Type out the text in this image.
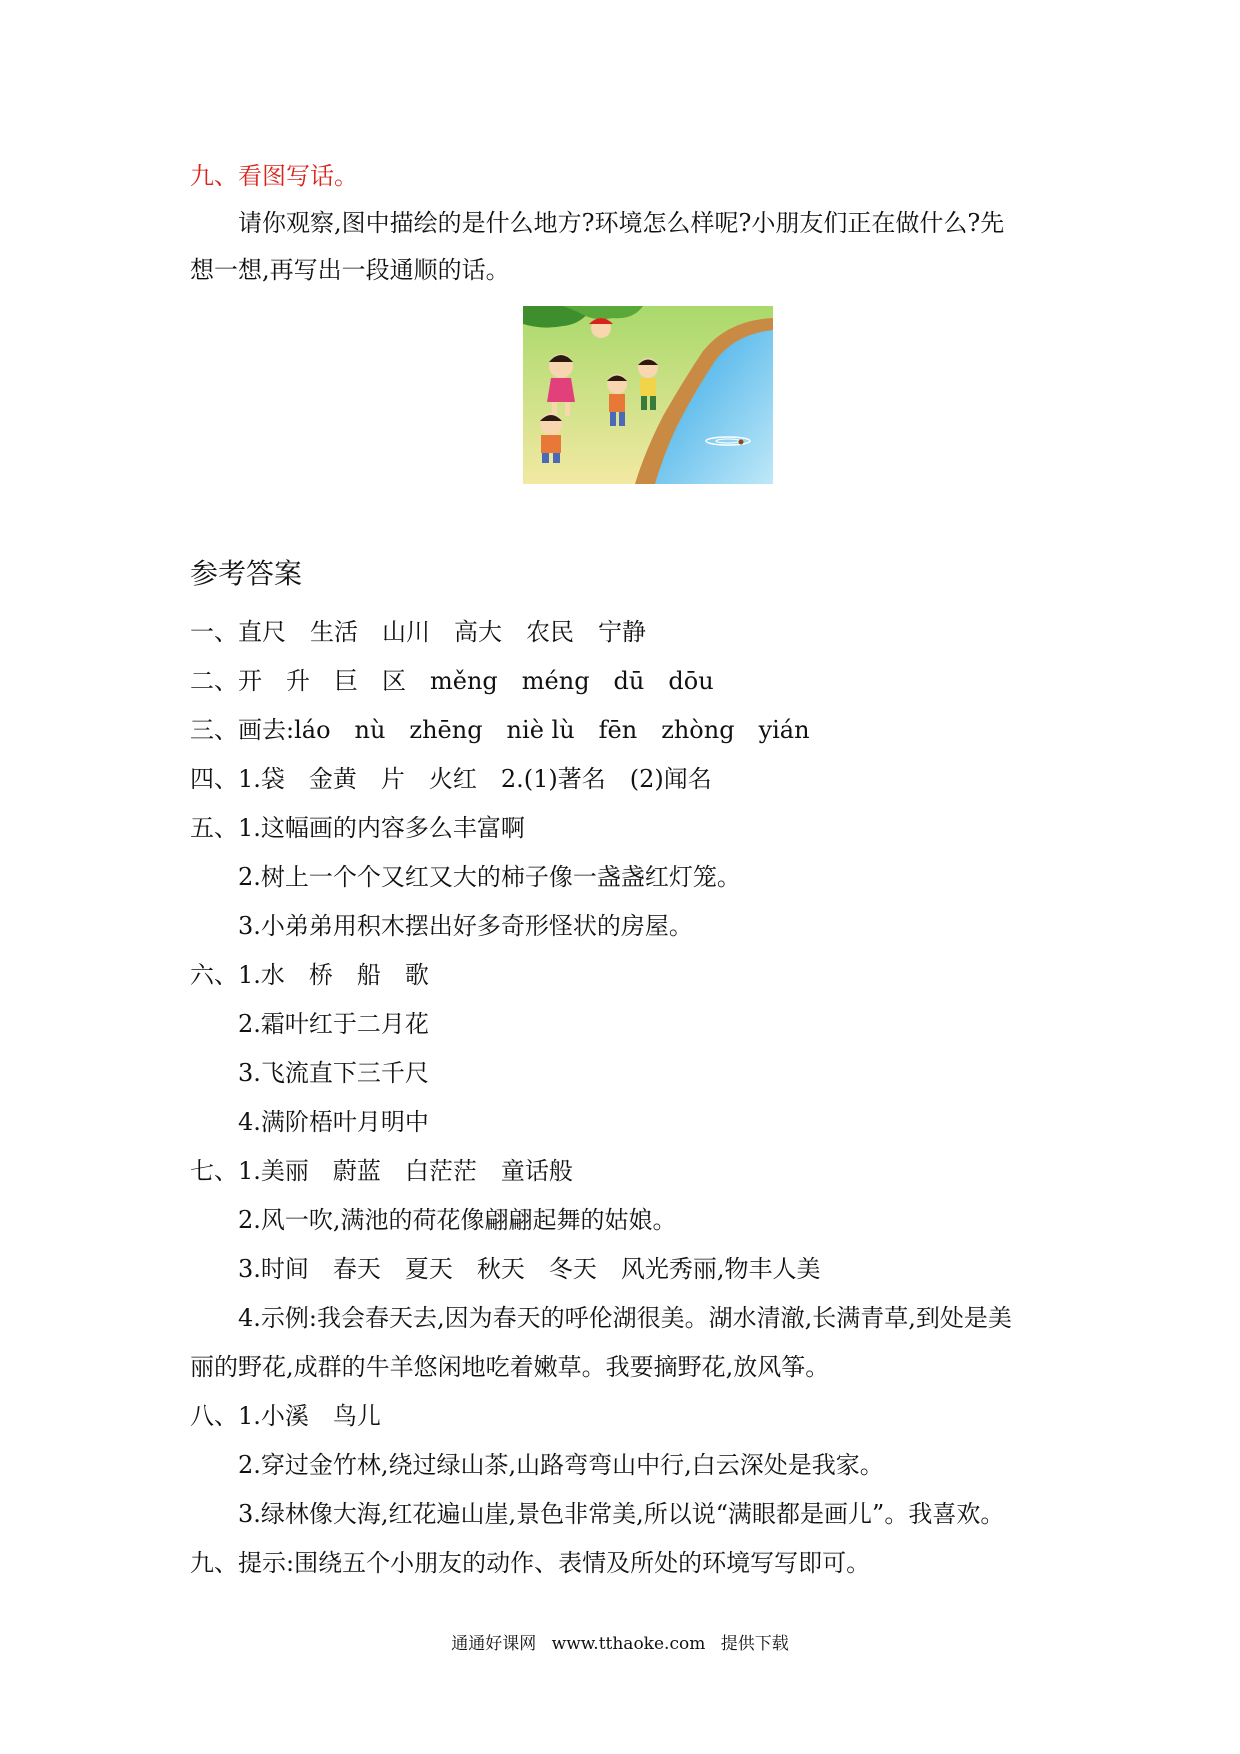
九、看图写话。
请你观察,图中描绘的是什么地方?环境怎么样呢?小朋友们正在做什么?先
想一想,再写出一段通顺的话。
参考答案
一、直尺　生活　山川　高大　农民　宁静
二、开　升　巨　区　měng　méng　dū　dōu
三、画去:láo　nù　zhēng　niè lù　fēn　zhòng　yián
四、1.袋　金黄　片　火红　2.(1)著名　(2)闻名
五、1.这幅画的内容多么丰富啊
2.树上一个个又红又大的柿子像一盏盏红灯笼。
3.小弟弟用积木摆出好多奇形怪状的房屋。
六、1.水　桥　船　歌
2.霜叶红于二月花
3.飞流直下三千尺
4.满阶梧叶月明中
七、1.美丽　蔚蓝　白茫茫　童话般
2.风一吹,满池的荷花像翩翩起舞的姑娘。
3.时间　春天　夏天　秋天　冬天　风光秀丽,物丰人美
4.示例:我会春天去,因为春天的呼伦湖很美。湖水清澈,长满青草,到处是美
丽的野花,成群的牛羊悠闲地吃着嫩草。我要摘野花,放风筝。
八、1.小溪　鸟儿
2.穿过金竹林,绕过绿山茶,山路弯弯山中行,白云深处是我家。
3.绿林像大海,红花遍山崖,景色非常美,所以说“满眼都是画儿”。我喜欢。
九、提示:围绕五个小朋友的动作、表情及所处的环境写写即可。
通通好课网 www.tthaoke.com 提供下载
